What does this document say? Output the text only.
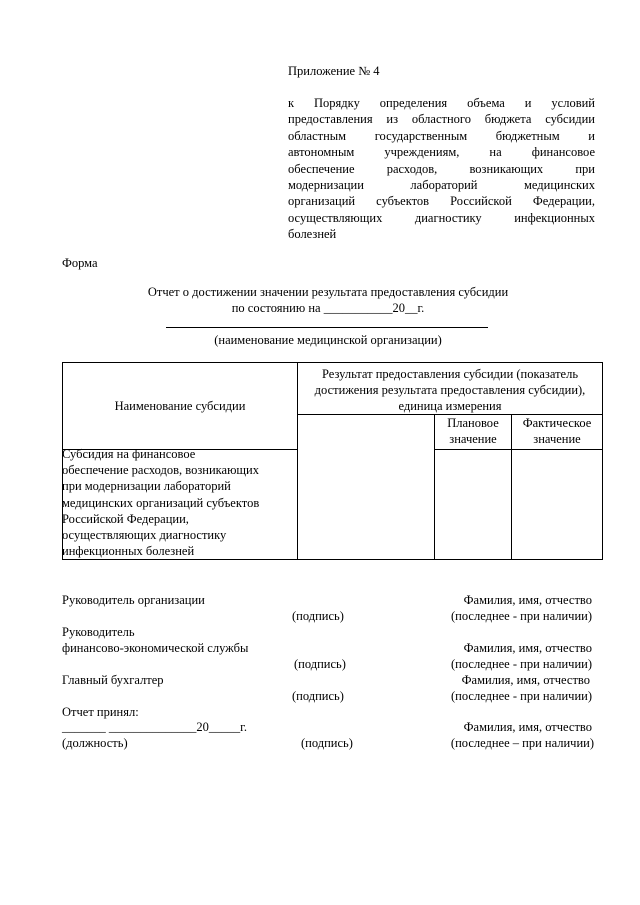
Приложение № 4
к Порядку определения объема и условий
предоставления из областного бюджета субсидии
областным государственным бюджетным и
автономным учреждениям, на финансовое
обеспечение расходов, возникающих при
модернизации лабораторий медицинских
организаций субъектов Российской Федерации,
осуществляющих диагностику инфекционных
болезней
Форма
Отчет о достижении значении результата предоставления субсидии
по состоянию на ___________20__г.
(наименование медицинской организации)
Наименование субсидии	Результат предоставления субсидии (показатель достижения результата предоставления субсидии), единица измерения		
		Плановое значение	Фактическое значение

Субсидия на финансовое
обеспечение расходов, возникающих
при модернизации лабораторий
медицинских организаций субъектов
Российской Федерации,
осуществляющих диагностику
инфекционных болезней
Руководитель организации
(подпись)
Фамилия, имя, отчество
(последнее - при наличии)
Руководитель
финансово-экономической службы
(подпись)
Фамилия, имя, отчество
(последнее - при наличии)
Главный бухгалтер
(подпись)
Фамилия, имя, отчество
(последнее - при наличии)
Отчет принял:
_______ ______________20_____г.
(должность)	(подпись)
Фамилия, имя, отчество
(последнее – при наличии)
